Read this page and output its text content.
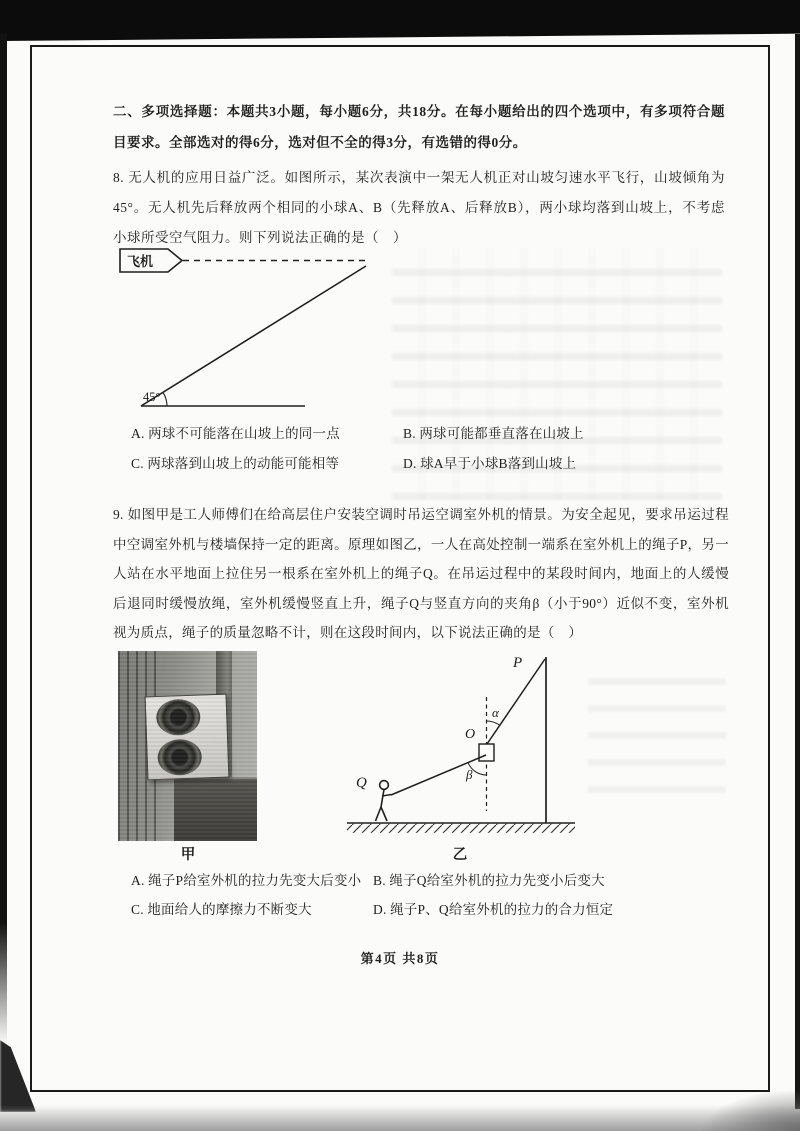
二、多项选择题：本题共3小题，每小题6分，共18分。在每小题给出的四个选项中，有多项符合题目要求。全部选对的得6分，选对但不全的得3分，有选错的得0分。
8. 无人机的应用日益广泛。如图所示，某次表演中一架无人机正对山坡匀速水平飞行，山坡倾角为45°。无人机先后释放两个相同的小球A、B（先释放A、后释放B），两小球均落到山坡上，不考虑小球所受空气阻力。则下列说法正确的是（　）
飞机
45°
A. 两球不可能落在山坡上的同一点	B. 两球可能都垂直落在山坡上
C. 两球落到山坡上的动能可能相等	D. 球A早于小球B落到山坡上
9. 如图甲是工人师傅们在给高层住户安装空调时吊运空调室外机的情景。为安全起见，要求吊运过程中空调室外机与楼墙保持一定的距离。原理如图乙，一人在高处控制一端系在室外机上的绳子P，另一人站在水平地面上拉住另一根系在室外机上的绳子Q。在吊运过程中的某段时间内，地面上的人缓慢后退同时缓慢放绳，室外机缓慢竖直上升，绳子Q与竖直方向的夹角β（小于90°）近似不变，室外机视为质点，绳子的质量忽略不计，则在这段时间内，以下说法正确的是（　）
P
α
O
β
Q
甲	乙
A. 绳子P给室外机的拉力先变大后变小 B. 绳子Q给室外机的拉力先变小后变大
C. 地面给人的摩擦力不断变大	D. 绳子P、Q给室外机的拉力的合力恒定
第4页 共8页
